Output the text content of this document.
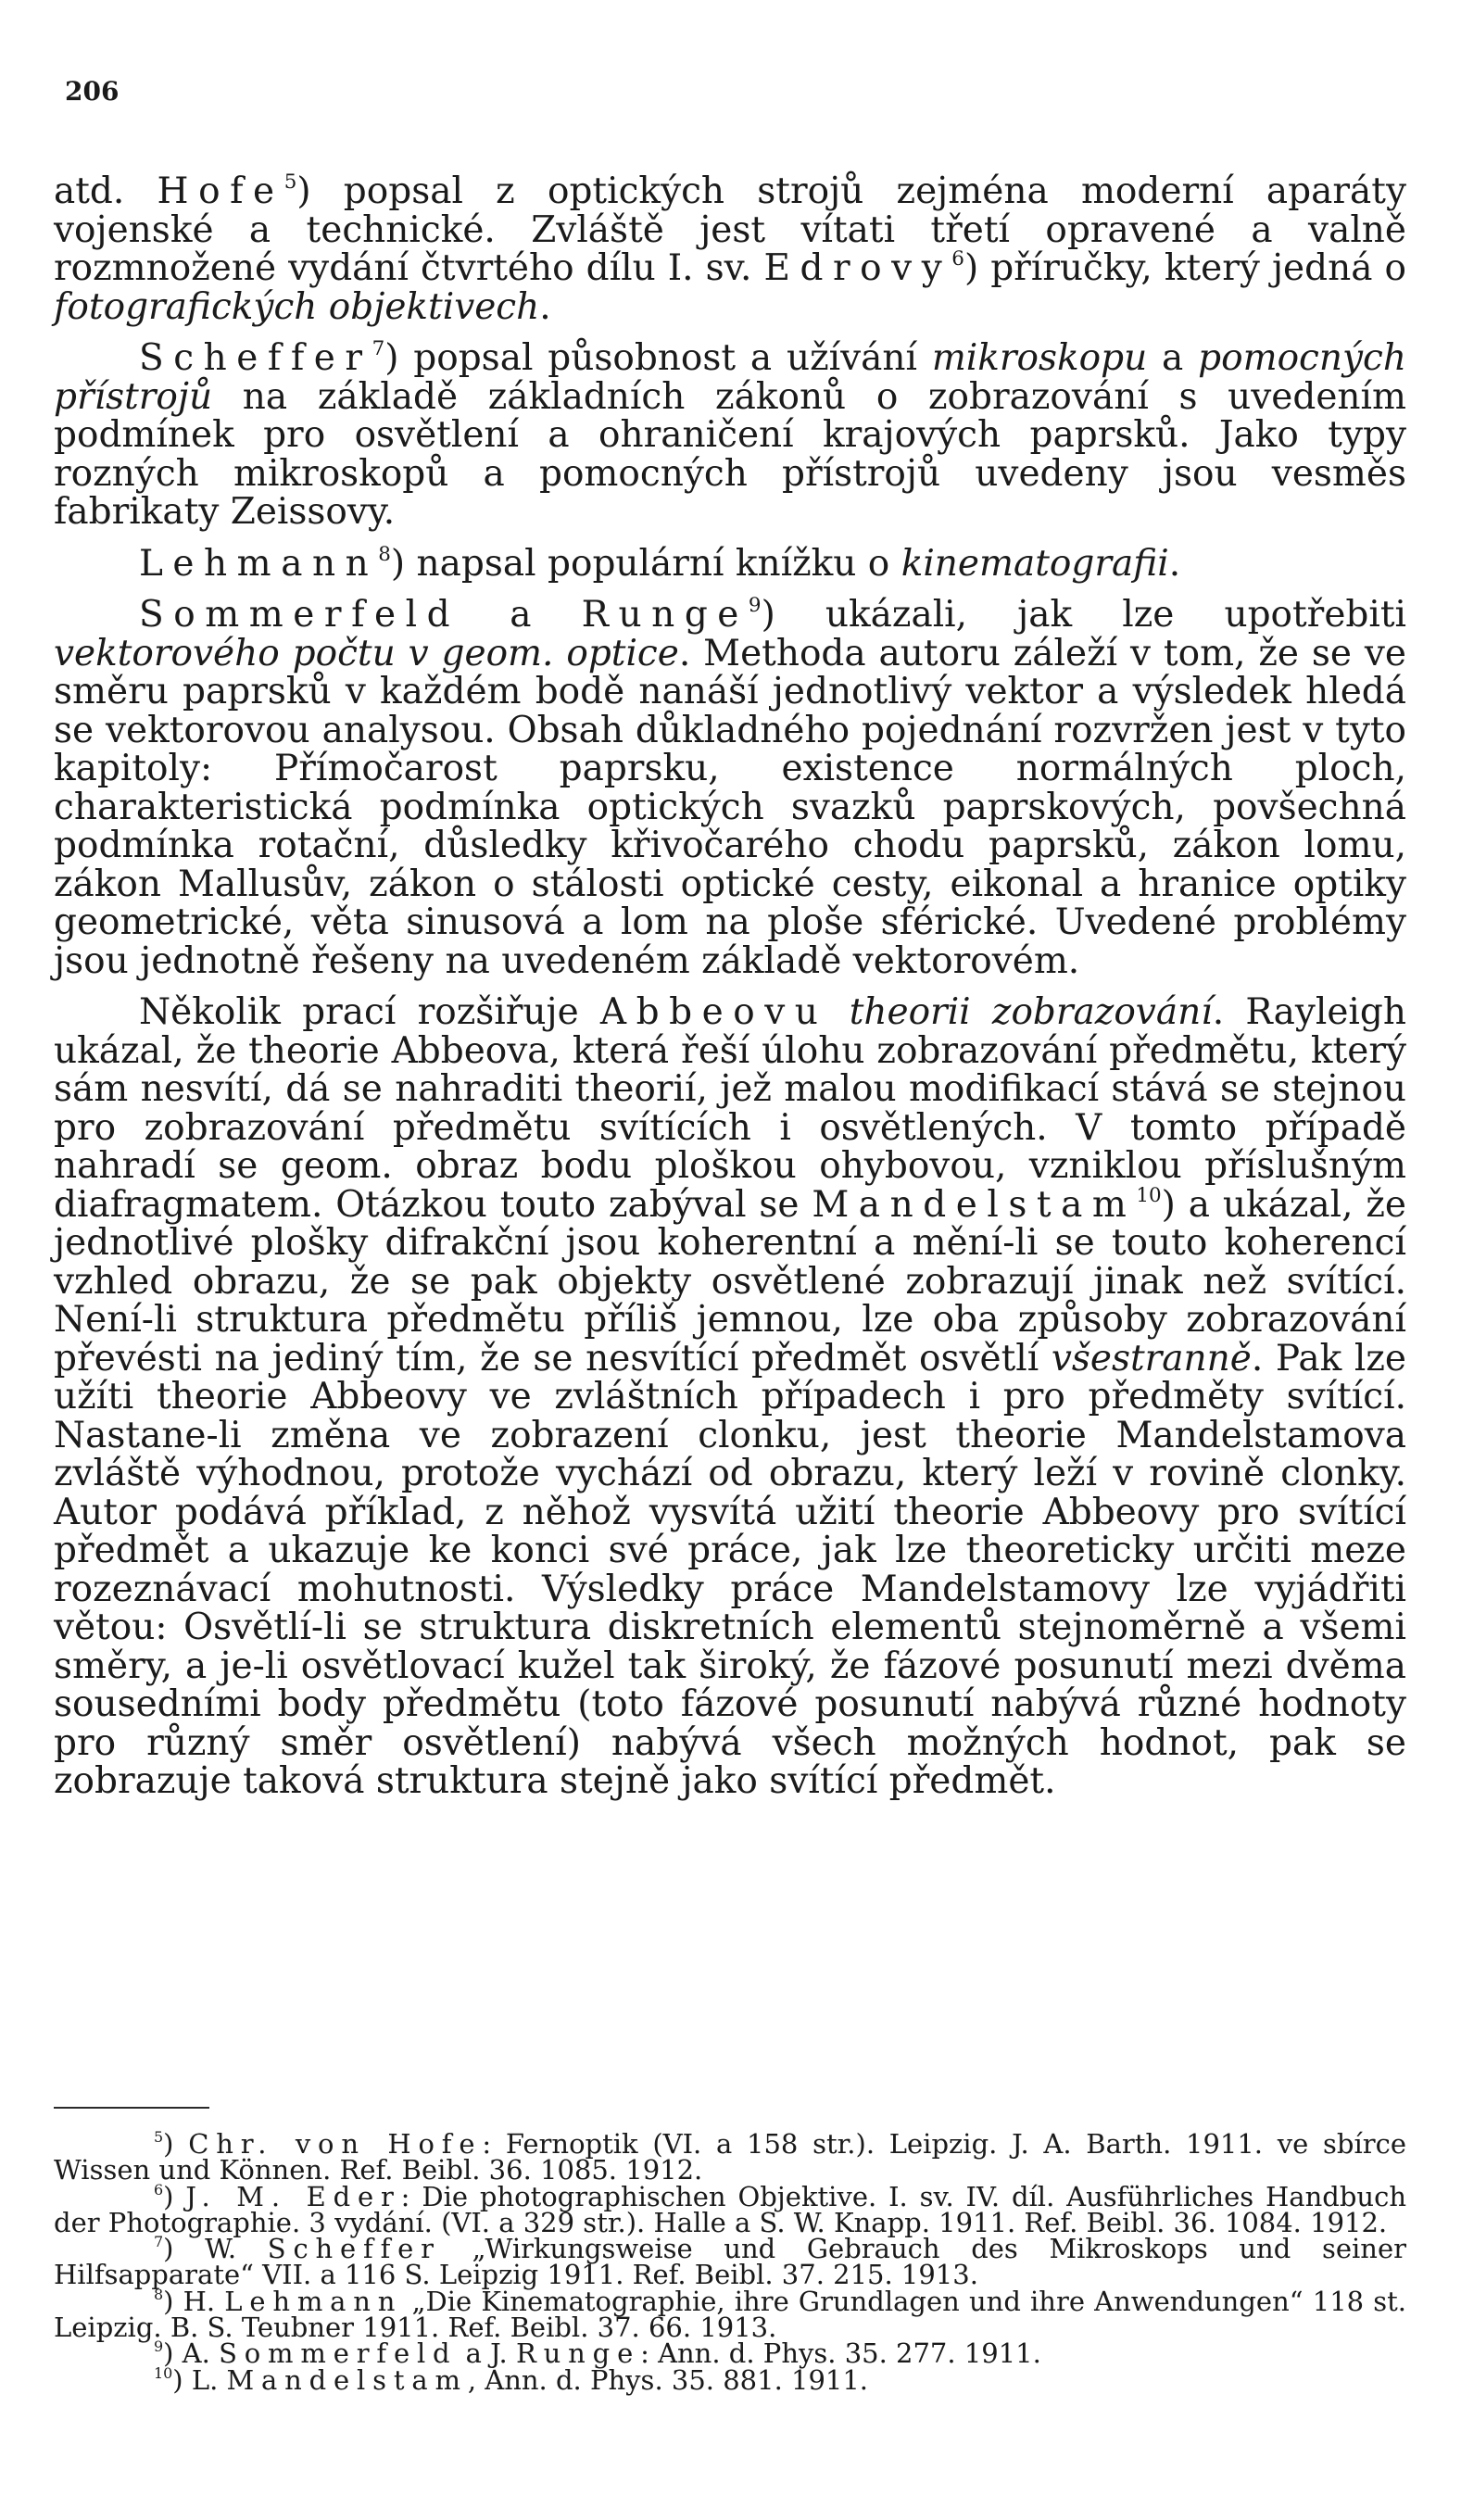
206

atd. Hofe$^5$) popsal z optických strojů zejména moderní aparáty vojenské a technické. Zvláště jest vítati třetí opravené a valně rozmnožené vydání čtvrtého dílu I. sv. Edrovy$^6$) příručky, který jedná o fotografických objektivech.

Scheffer$^7$) popsal působnost a užívání mikroskopu a pomocných přístrojů na základě základních zákonů o zobrazování s uvedením podmínek pro osvětlení a ohraničení krajových paprsků. Jako typy rozných mikroskopů a pomocných přístrojů uvedeny jsou vesměs fabrikaty Zeissovy.

Lehmann$^8$) napsal populární knížku o kinematografii.

Sommerfeld a Runge$^9$) ukázali, jak lze upotřebiti vektorového počtu v geom. optice. Methoda autoru záleží v tom, že se ve směru paprsků v každém bodě nanáší jednotlivý vektor a výsledek hledá se vektorovou analysou. Obsah důkladného pojednání rozvržen jest v tyto kapitoly: Přímočarost paprsku, existence normálných ploch, charakteristická podmínka optických svazků paprskových, povšechná podmínka rotační, důsledky křivočarého chodu paprsků, zákon lomu, zákon Mallusův, zákon o stálosti optické cesty, eikonal a hranice optiky geometrické, věta sinusová a lom na ploše sférické. Uvedené problémy jsou jednotně řešeny na uvedeném základě vektorovém.

Několik prací rozšiřuje Abbeovu theorii zobrazování. Rayleigh ukázal, že theorie Abbeova, která řeší úlohu zobrazování předmětu, který sám nesvítí, dá se nahraditi theorií, jež malou modifikací stává se stejnou pro zobrazování předmětu svítících i osvětlených. V tomto případě nahradí se geom. obraz bodu ploškou ohybovou, vzniklou příslušným diafragmatem. Otázkou touto zabýval se Mandelstam$^{10}$) a ukázal, že jednotlivé plošky difrakční jsou koherentní a mění-li se touto koherencí vzhled obrazu, že se pak objekty osvětlené zobrazují jinak než svítící. Není-li struktura předmětu příliš jemnou, lze oba způsoby zobrazování převésti na jediný tím, že se nesvítící předmět osvětlí všestranně. Pak lze užíti theorie Abbeovy ve zvláštních případech i pro předměty svítící. Nastane-li změna ve zobrazení clonku, jest theorie Mandelstamova zvláště výhodnou, protože vychází od obrazu, který leží v rovině clonky. Autor podává příklad, z něhož vysvítá užití theorie Abbeovy pro svítící předmět a ukazuje ke konci své práce, jak lze theoreticky určiti meze rozeznávací mohutnosti. Výsledky práce Mandelstamovy lze vyjádřiti větou: Osvětlí-li se struktura diskretních elementů stejnoměrně a všemi směry, a je-li osvětlovací kužel tak široký, že fázové posunutí mezi dvěma sousedními body předmětu (toto fázové posunutí nabývá různé hodnoty pro různý směr osvětlení) nabývá všech možných hodnot, pak se zobrazuje taková struktura stejně jako svítící předmět.

$^5$) Chr. von Hofe: Fernoptik (VI. a 158 str.). Leipzig. J. A. Barth. 1911. ve sbírce Wissen und Können. Ref. Beibl. 36. 1085. 1912.

$^6$) J. M. Eder: Die photographischen Objektive. I. sv. IV. díl. Ausführliches Handbuch der Photographie. 3 vydání. (VI. a 329 str.). Halle a S. W. Knapp. 1911. Ref. Beibl. 36. 1084. 1912.

$^7$) W. Scheffer „Wirkungsweise und Gebrauch des Mikroskops und seiner Hilfsapparate“ VII. a 116 S. Leipzig 1911. Ref. Beibl. 37. 215. 1913.

$^8$) H. Lehmann „Die Kinematographie, ihre Grundlagen und ihre Anwendungen“ 118 st. Leipzig. B. S. Teubner 1911. Ref. Beibl. 37. 66. 1913.

$^9$) A. Sommerfeld a J. Runge: Ann. d. Phys. 35. 277. 1911.

$^{10}$) L. Mandelstam, Ann. d. Phys. 35. 881. 1911.
